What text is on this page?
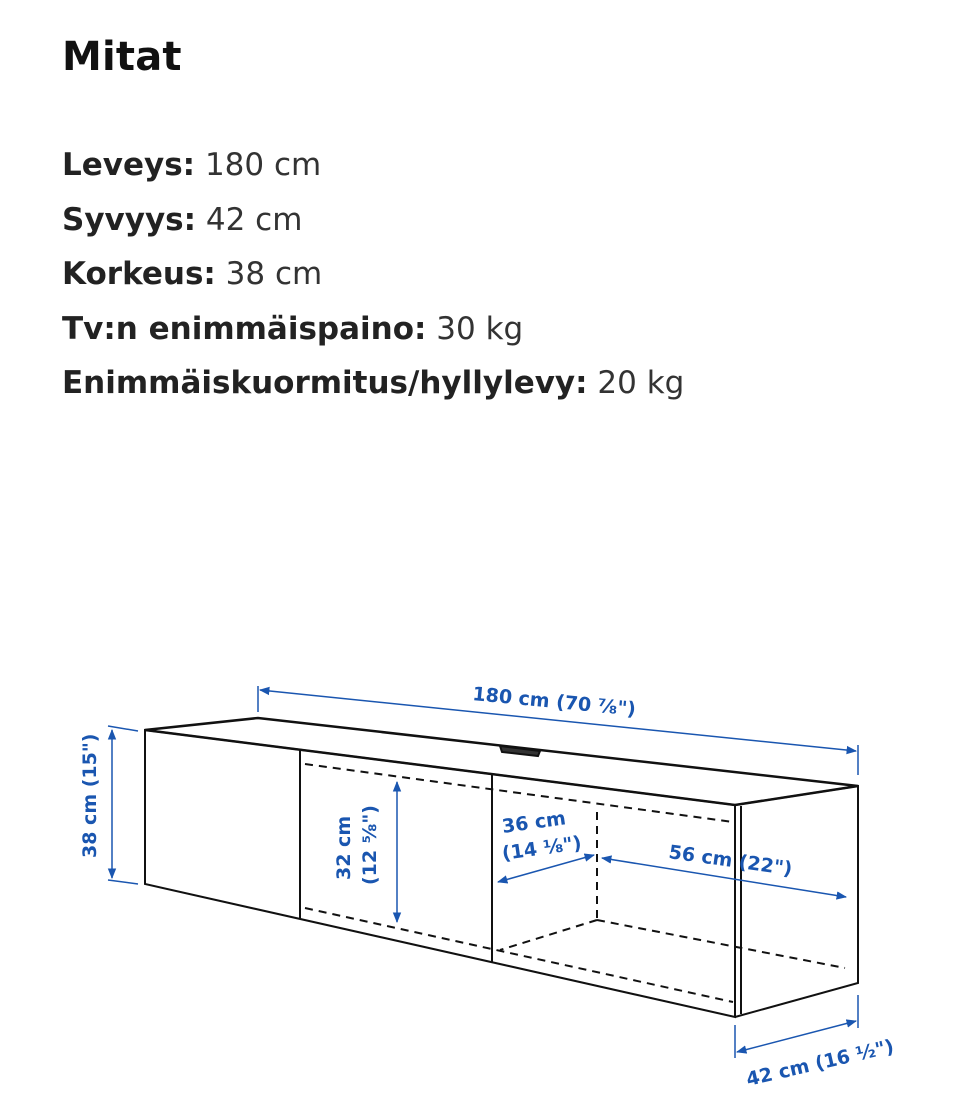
Mitat
Leveys: 180 cm
Syvyys: 42 cm
Korkeus: 38 cm
Tv:n enimmäispaino: 30 kg
Enimmäiskuormitus/hyllylevy: 20 kg
180 cm (70 ⅞")
38 cm (15")	32 cm (12 ⅝")	36 cm
(14 ⅛")	56 cm (22")
42 cm (16 ½")
